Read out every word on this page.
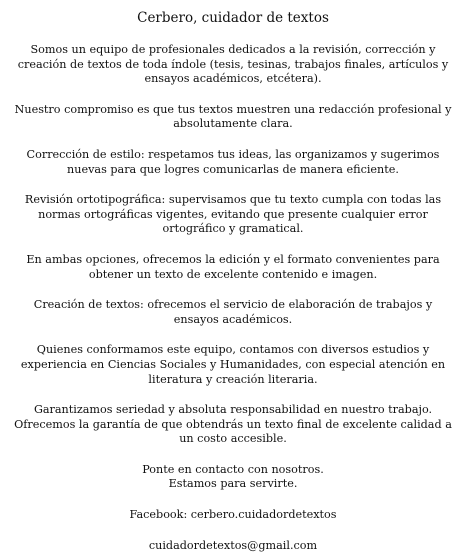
Cerbero, cuidador de textos

Somos un equipo de profesionales dedicados a la revisión, corrección y creación de textos de toda índole (tesis, tesinas, trabajos finales, artículos y ensayos académicos, etcétera).

Nuestro compromiso es que tus textos muestren una redacción profesional y absolutamente clara.

Corrección de estilo: respetamos tus ideas, las organizamos y sugerimos nuevas para que logres comunicarlas de manera eficiente.

Revisión ortotipográfica: supervisamos que tu texto cumpla con todas las normas ortográficas vigentes, evitando que presente cualquier error ortográfico y gramatical.

En ambas opciones, ofrecemos la edición y el formato convenientes para obtener un texto de excelente contenido e imagen.

Creación de textos: ofrecemos el servicio de elaboración de trabajos y ensayos académicos.

Quienes conformamos este equipo, contamos con diversos estudios y experiencia en Ciencias Sociales y Humanidades, con especial atención en literatura y creación literaria.

Garantizamos seriedad y absoluta responsabilidad en nuestro trabajo. Ofrecemos la garantía de que obtendrás un texto final de excelente calidad a un costo accesible.

Ponte en contacto con nosotros.

Estamos para servirte.

Facebook: cerbero.cuidadordetextos

cuidadordetextos@gmail.com
